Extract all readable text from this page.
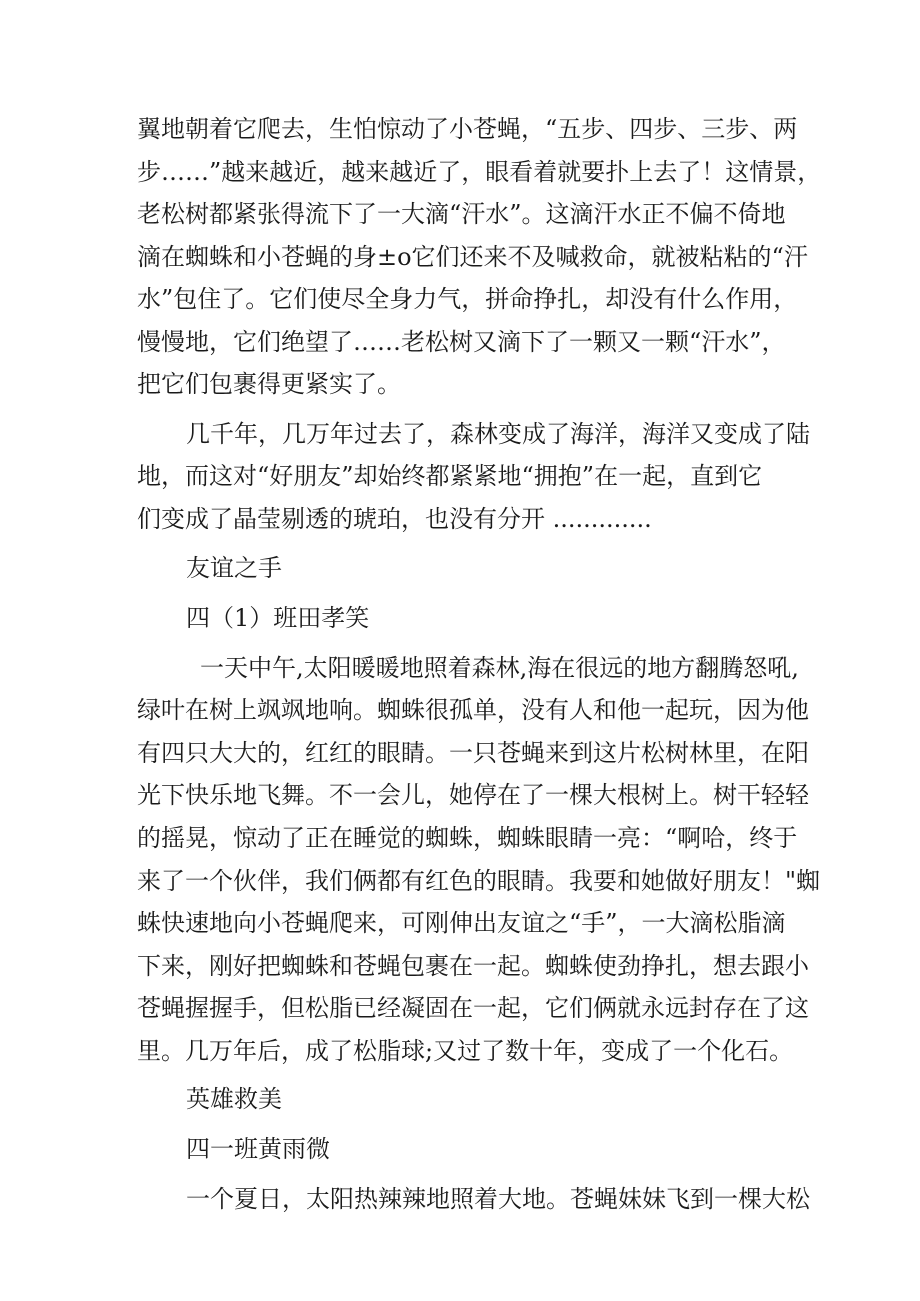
翼地朝着它爬去，生怕惊动了小苍蝇，“五步、四步、三步、两
步……”越来越近，越来越近了，眼看着就要扑上去了！这情景，
老松树都紧张得流下了一大滴“汗水”。这滴汗水正不偏不倚地
滴在蜘蛛和小苍蝇的身±o它们还来不及喊救命，就被粘粘的“汗
水”包住了。它们使尽全身力气，拼命挣扎，却没有什么作用，
慢慢地，它们绝望了……老松树又滴下了一颗又一颗“汗水”，
把它们包裹得更紧实了。
几千年，几万年过去了，森林变成了海洋，海洋又变成了陆
地，而这对“好朋友”却始终都紧紧地“拥抱”在一起，直到它
们变成了晶莹剔透的琥珀，也没有分开 .............
友谊之手
四（1）班田孝笑
一天中午,太阳暖暖地照着森林,海在很远的地方翻腾怒吼,
绿叶在树上飒飒地响。蜘蛛很孤单，没有人和他一起玩，因为他
有四只大大的，红红的眼睛。一只苍蝇来到这片松树林里，在阳
光下快乐地飞舞。不一会儿，她停在了一棵大根树上。树干轻轻
的摇晃，惊动了正在睡觉的蜘蛛，蜘蛛眼睛一亮：“啊哈，终于
来了一个伙伴，我们俩都有红色的眼睛。我要和她做好朋友！"蜘
蛛快速地向小苍蝇爬来，可刚伸出友谊之“手”，一大滴松脂滴
下来，刚好把蜘蛛和苍蝇包裹在一起。蜘蛛使劲挣扎，想去跟小
苍蝇握握手，但松脂已经凝固在一起，它们俩就永远封存在了这
里。几万年后，成了松脂球;又过了数十年，变成了一个化石。
英雄救美
四一班黄雨微
一个夏日，太阳热辣辣地照着大地。苍蝇妹妹飞到一棵大松
